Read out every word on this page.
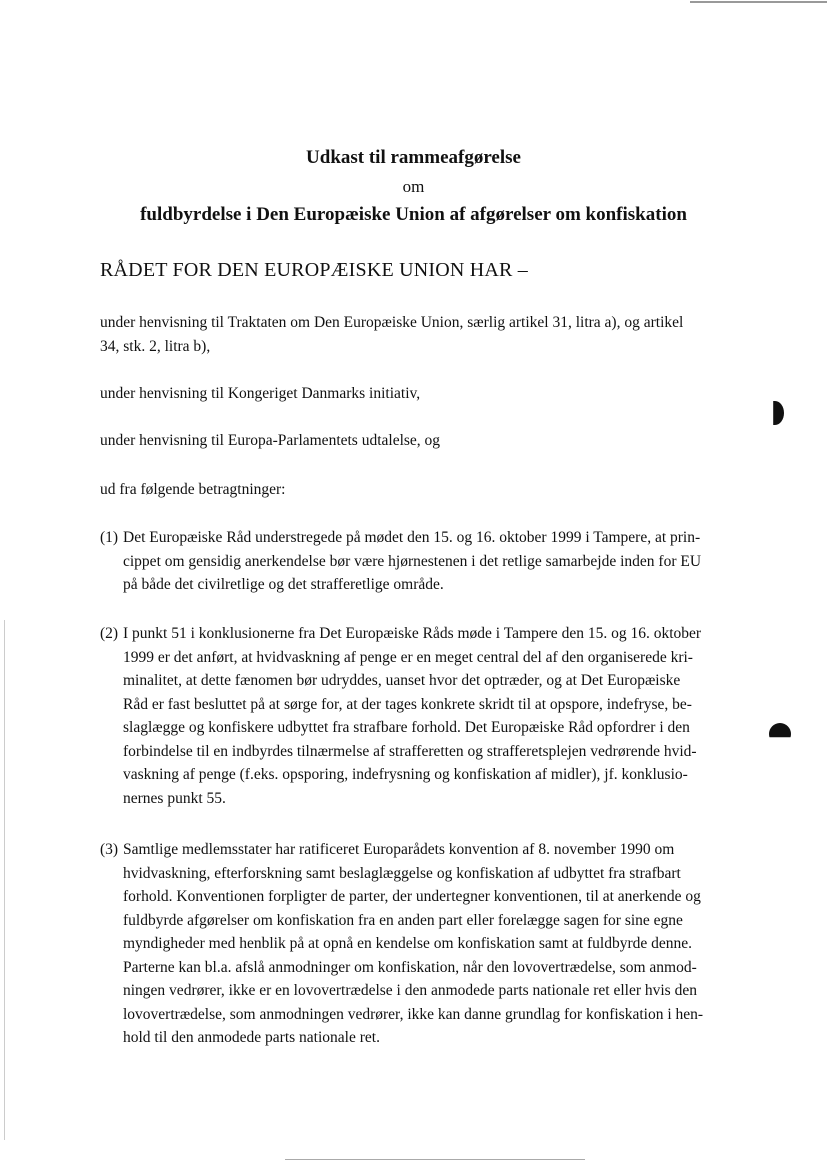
Udkast til rammeafgørelse
om
fuldbyrdelse i Den Europæiske Union af afgørelser om konfiskation
RÅDET FOR DEN EUROPÆISKE UNION HAR –
under henvisning til Traktaten om Den Europæiske Union, særlig artikel 31, litra a), og artikel
34, stk. 2, litra b),
under henvisning til Kongeriget Danmarks initiativ,
under henvisning til Europa-Parlamentets udtalelse, og
ud fra følgende betragtninger:
(1) Det Europæiske Råd understregede på mødet den 15. og 16. oktober 1999 i Tampere, at prin-
cippet om gensidig anerkendelse bør være hjørnestenen i det retlige samarbejde inden for EU
på både det civilretlige og det strafferetlige område.
(2) I punkt 51 i konklusionerne fra Det Europæiske Råds møde i Tampere den 15. og 16. oktober
1999 er det anført, at hvidvaskning af penge er en meget central del af den organiserede kri-
minalitet, at dette fænomen bør udryddes, uanset hvor det optræder, og at Det Europæiske
Råd er fast besluttet på at sørge for, at der tages konkrete skridt til at opspore, indefryse, be-
slaglægge og konfiskere udbyttet fra strafbare forhold. Det Europæiske Råd opfordrer i den
forbindelse til en indbyrdes tilnærmelse af strafferetten og strafferetsplejen vedrørende hvid-
vaskning af penge (f.eks. opsporing, indefrysning og konfiskation af midler), jf. konklusio-
nernes punkt 55.
(3) Samtlige medlemsstater har ratificeret Europarådets konvention af 8. november 1990 om
hvidvaskning, efterforskning samt beslaglæggelse og konfiskation af udbyttet fra strafbart
forhold. Konventionen forpligter de parter, der undertegner konventionen, til at anerkende og
fuldbyrde afgørelser om konfiskation fra en anden part eller forelægge sagen for sine egne
myndigheder med henblik på at opnå en kendelse om konfiskation samt at fuldbyrde denne.
Parterne kan bl.a. afslå anmodninger om konfiskation, når den lovovertrædelse, som anmod-
ningen vedrører, ikke er en lovovertrædelse i den anmodede parts nationale ret eller hvis den
lovovertrædelse, som anmodningen vedrører, ikke kan danne grundlag for konfiskation i hen-
hold til den anmodede parts nationale ret.
